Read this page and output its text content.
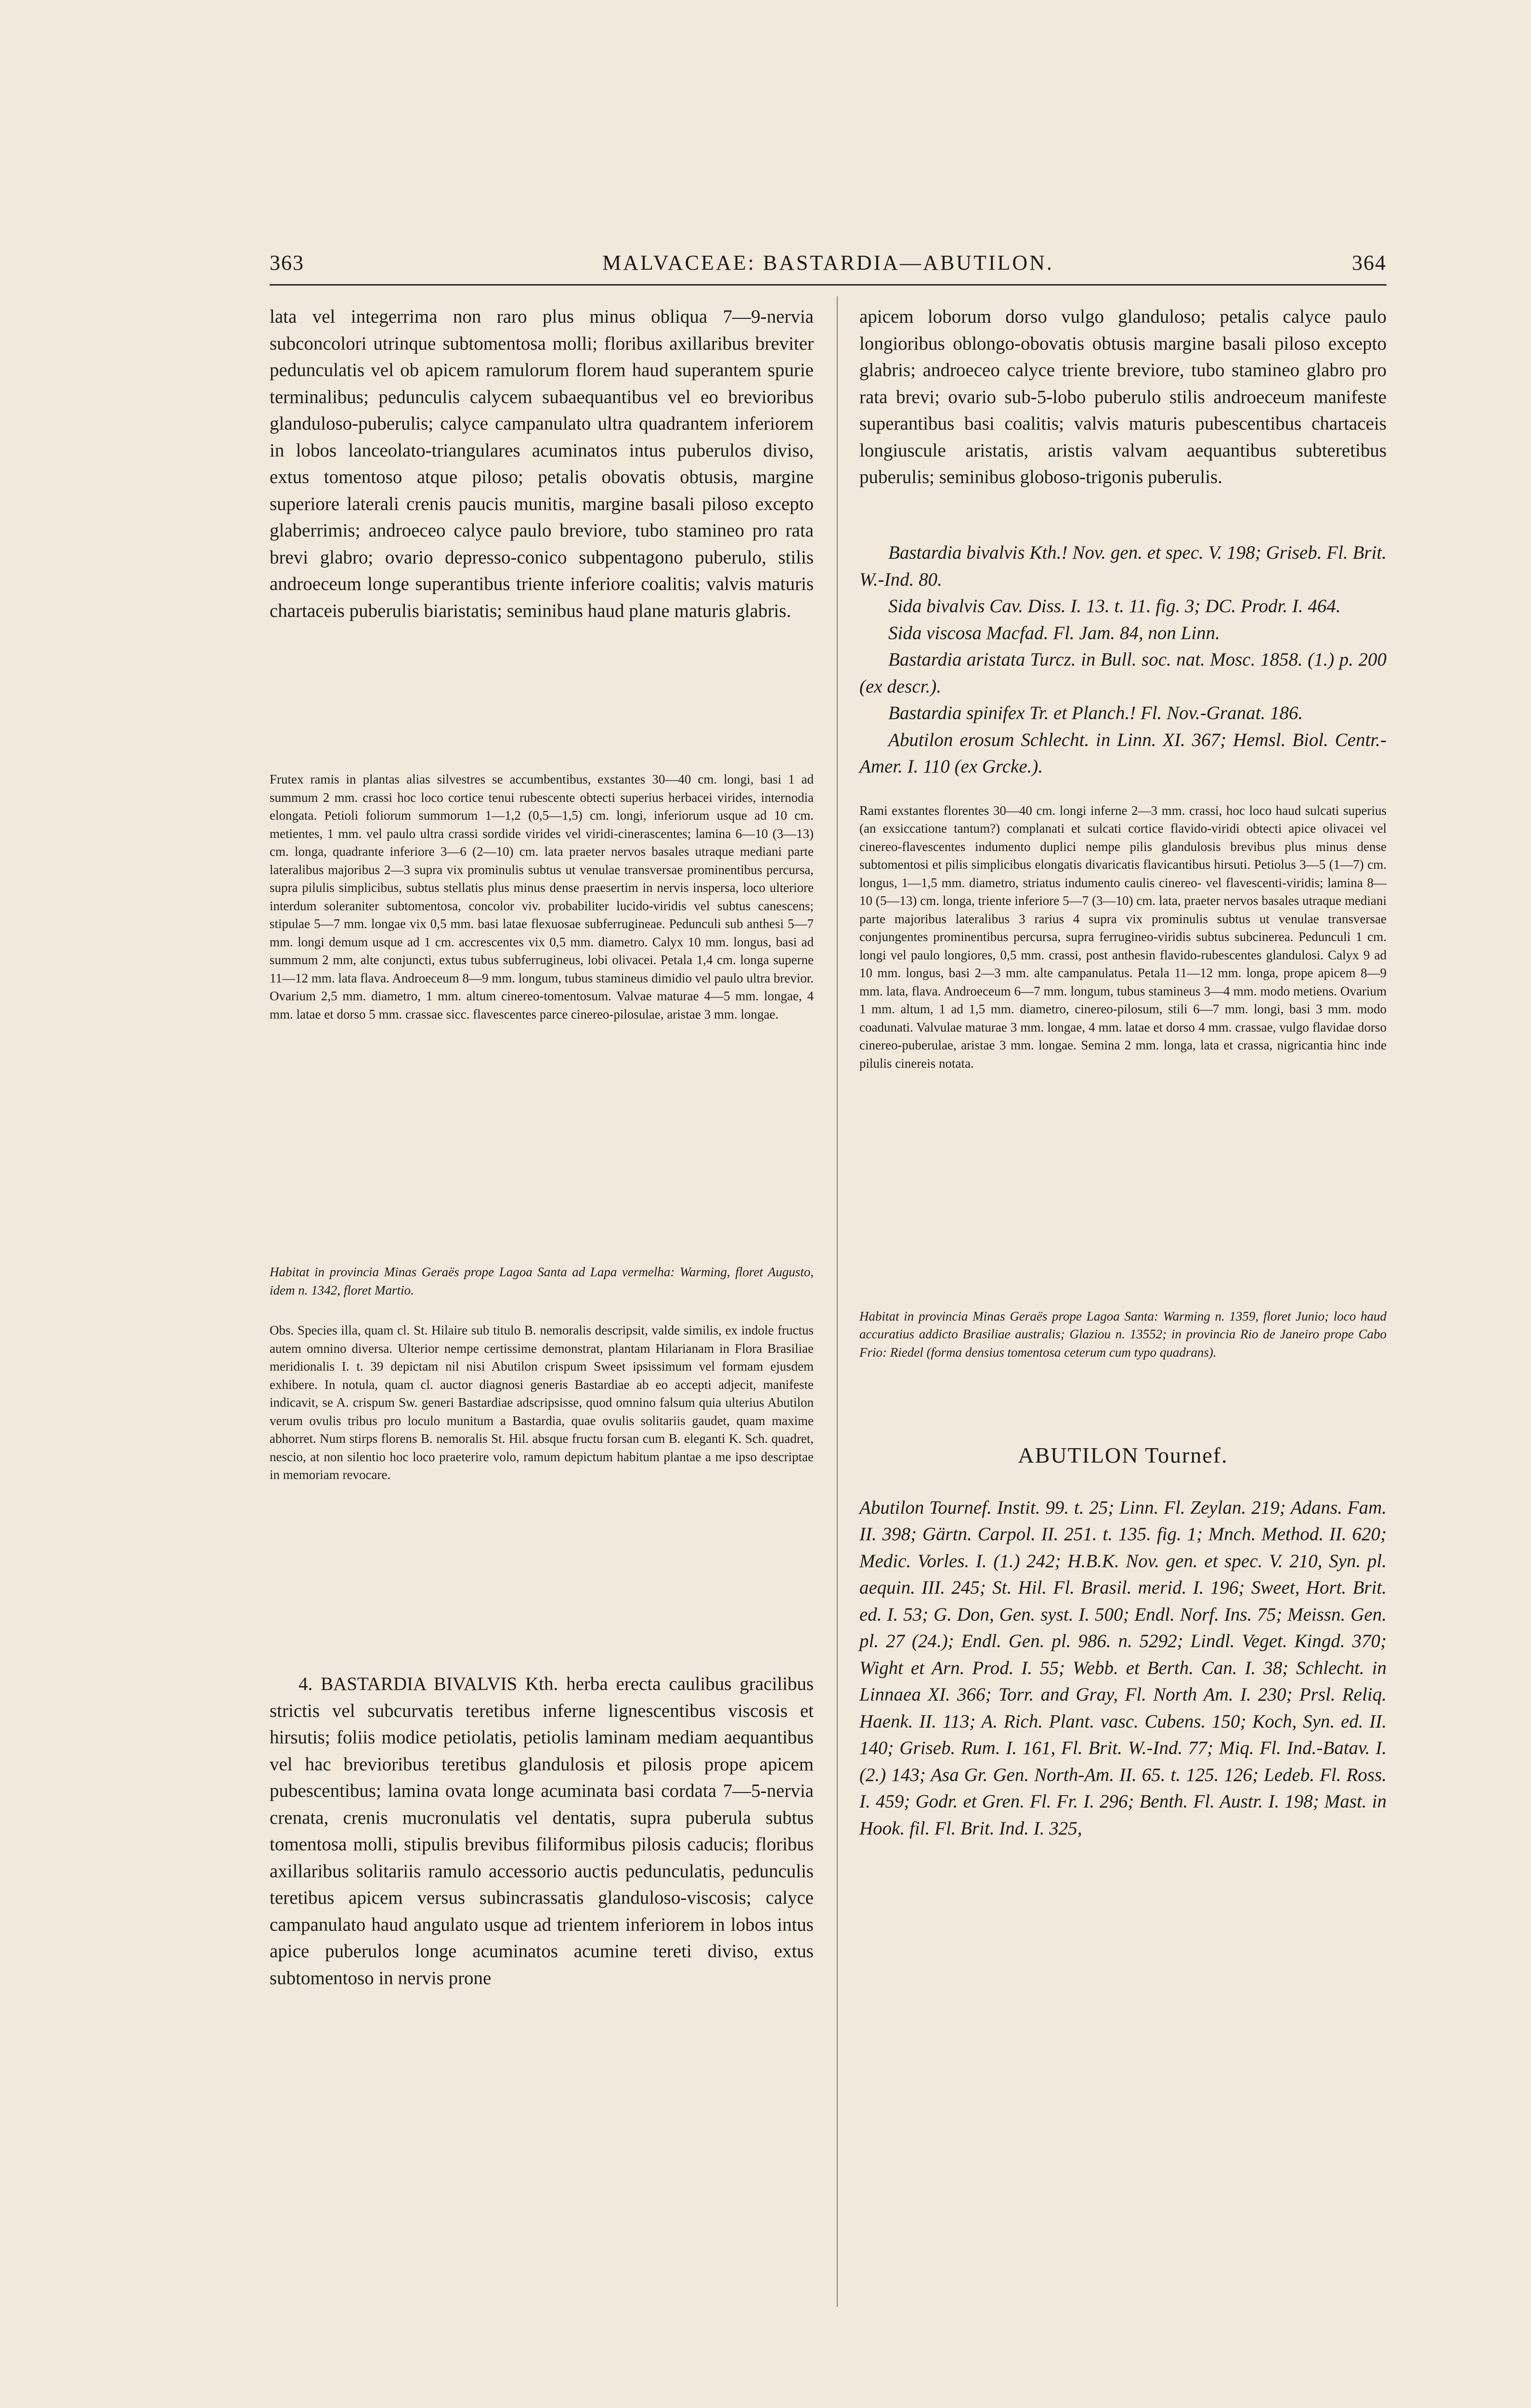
363	MALVACEAE: BASTARDIA—ABUTILON.	364

lata vel integerrima non raro plus minus obliqua 7—9-nervia subconcolori utrinque subtomentosa molli; floribus axillaribus breviter pedunculatis vel ob apicem ramulorum florem haud superantem spurie terminalibus; pedunculis calycem subaequantibus vel eo brevioribus glanduloso-puberulis; calyce campanulato ultra quadrantem inferiorem in lobos lanceolato-triangulares acuminatos intus puberulos diviso, extus tomentoso atque piloso; petalis obovatis obtusis, margine superiore laterali crenis paucis munitis, margine basali piloso excepto glaberrimis; androeceo calyce paulo breviore, tubo stamineo pro rata brevi glabro; ovario depresso-conico subpentagono puberulo, stilis androeceum longe superantibus triente inferiore coalitis; valvis maturis chartaceis puberulis biaristatis; seminibus haud plane maturis glabris.

Frutex ramis in plantas alias silvestres se accumbentibus, exstantes 30—40 cm. longi, basi 1 ad summum 2 mm. crassi hoc loco cortice tenui rubescente obtecti superius herbacei virides, internodia elongata. Petioli foliorum summorum 1—1,2 (0,5—1,5) cm. longi, inferiorum usque ad 10 cm. metientes, 1 mm. vel paulo ultra crassi sordide virides vel viridi-cinerascentes; lamina 6—10 (3—13) cm. longa, quadrante inferiore 3—6 (2—10) cm. lata praeter nervos basales utraque mediani parte lateralibus majoribus 2—3 supra vix prominulis subtus ut venulae transversae prominentibus percursa, supra pilulis simplicibus, subtus stellatis plus minus dense praesertim in nervis inspersa, loco ulteriore interdum soleraniter subtomentosa, concolor viv. probabiliter lucido-viridis vel subtus canescens; stipulae 5—7 mm. longae vix 0,5 mm. basi latae flexuosae subferrugineae. Pedunculi sub anthesi 5—7 mm. longi demum usque ad 1 cm. accrescentes vix 0,5 mm. diametro. Calyx 10 mm. longus, basi ad summum 2 mm, alte conjuncti, extus tubus subferrugineus, lobi olivacei. Petala 1,4 cm. longa superne 11—12 mm. lata flava. Androeceum 8—9 mm. longum, tubus stamineus dimidio vel paulo ultra brevior. Ovarium 2,5 mm. diametro, 1 mm. altum cinereo-tomentosum. Valvae maturae 4—5 mm. longae, 4 mm. latae et dorso 5 mm. crassae sicc. flavescentes parce cinereo-pilosulae, aristae 3 mm. longae.

Habitat in provincia Minas Geraës prope Lagoa Santa ad Lapa vermelha: Warming, floret Augusto, idem n. 1342, floret Martio.

Obs. Species illa, quam cl. St. Hilaire sub titulo B. nemoralis descripsit, valde similis, ex indole fructus autem omnino diversa. Ulterior nempe certissime demonstrat, plantam Hilarianam in Flora Brasiliae meridionalis I. t. 39 depictam nil nisi Abutilon crispum Sweet ipsissimum vel formam ejusdem exhibere. In notula, quam cl. auctor diagnosi generis Bastardiae ab eo accepti adjecit, manifeste indicavit, se A. crispum Sw. generi Bastardiae adscripsisse, quod omnino falsum quia ulterius Abutilon verum ovulis tribus pro loculo munitum a Bastardia, quae ovulis solitariis gaudet, quam maxime abhorret. Num stirps florens B. nemoralis St. Hil. absque fructu forsan cum B. eleganti K. Sch. quadret, nescio, at non silentio hoc loco praeterire volo, ramum depictum habitum plantae a me ipso descriptae in memoriam revocare.

4. BASTARDIA BIVALVIS Kth. herba erecta caulibus gracilibus strictis vel subcurvatis teretibus inferne lignescentibus viscosis et hirsutis; foliis modice petiolatis, petiolis laminam mediam aequantibus vel hac brevioribus teretibus glandulosis et pilosis prope apicem pubescentibus; lamina ovata longe acuminata basi cordata 7—5-nervia crenata, crenis mucronulatis vel dentatis, supra puberula subtus tomentosa molli, stipulis brevibus filiformibus pilosis caducis; floribus axillaribus solitariis ramulo accessorio auctis pedunculatis, pedunculis teretibus apicem versus subincrassatis glanduloso-viscosis; calyce campanulato haud angulato usque ad trientem inferiorem in lobos intus apice puberulos longe acuminatos acumine tereti diviso, extus subtomentoso in nervis prone

apicem loborum dorso vulgo glanduloso; petalis calyce paulo longioribus oblongo-obovatis obtusis margine basali piloso excepto glabris; androeceo calyce triente breviore, tubo stamineo glabro pro rata brevi; ovario sub-5-lobo puberulo stilis androeceum manifeste superantibus basi coalitis; valvis maturis pubescentibus chartaceis longiuscule aristatis, aristis valvam aequantibus subteretibus puberulis; seminibus globoso-trigonis puberulis.

Bastardia bivalvis Kth.! Nov. gen. et spec. V. 198; Griseb. Fl. Brit. W.-Ind. 80.

Sida bivalvis Cav. Diss. I. 13. t. 11. fig. 3; DC. Prodr. I. 464.

Sida viscosa Macfad. Fl. Jam. 84, non Linn.

Bastardia aristata Turcz. in Bull. soc. nat. Mosc. 1858. (1.) p. 200 (ex descr.).

Bastardia spinifex Tr. et Planch.! Fl. Nov.-Granat. 186.

Abutilon erosum Schlecht. in Linn. XI. 367; Hemsl. Biol. Centr.-Amer. I. 110 (ex Grcke.).

Rami exstantes florentes 30—40 cm. longi inferne 2—3 mm. crassi, hoc loco haud sulcati superius (an exsiccatione tantum?) complanati et sulcati cortice flavido-viridi obtecti apice olivacei vel cinereo-flavescentes indumento duplici nempe pilis glandulosis brevibus plus minus dense subtomentosi et pilis simplicibus elongatis divaricatis flavicantibus hirsuti. Petiolus 3—5 (1—7) cm. longus, 1—1,5 mm. diametro, striatus indumento caulis cinereo- vel flavescenti-viridis; lamina 8—10 (5—13) cm. longa, triente inferiore 5—7 (3—10) cm. lata, praeter nervos basales utraque mediani parte majoribus lateralibus 3 rarius 4 supra vix prominulis subtus ut venulae transversae conjungentes prominentibus percursa, supra ferrugineo-viridis subtus subcinerea. Pedunculi 1 cm. longi vel paulo longiores, 0,5 mm. crassi, post anthesin flavido-rubescentes glandulosi. Calyx 9 ad 10 mm. longus, basi 2—3 mm. alte campanulatus. Petala 11—12 mm. longa, prope apicem 8—9 mm. lata, flava. Androeceum 6—7 mm. longum, tubus stamineus 3—4 mm. modo metiens. Ovarium 1 mm. altum, 1 ad 1,5 mm. diametro, cinereo-pilosum, stili 6—7 mm. longi, basi 3 mm. modo coadunati. Valvulae maturae 3 mm. longae, 4 mm. latae et dorso 4 mm. crassae, vulgo flavidae dorso cinereo-puberulae, aristae 3 mm. longae. Semina 2 mm. longa, lata et crassa, nigricantia hinc inde pilulis cinereis notata.

Habitat in provincia Minas Geraës prope Lagoa Santa: Warming n. 1359, floret Junio; loco haud accuratius addicto Brasiliae australis; Glaziou n. 13552; in provincia Rio de Janeiro prope Cabo Frio: Riedel (forma densius tomentosa ceterum cum typo quadrans).

ABUTILON Tournef.

Abutilon Tournef. Instit. 99. t. 25; Linn. Fl. Zeylan. 219; Adans. Fam. II. 398; Gärtn. Carpol. II. 251. t. 135. fig. 1; Mnch. Method. II. 620; Medic. Vorles. I. (1.) 242; H.B.K. Nov. gen. et spec. V. 210, Syn. pl. aequin. III. 245; St. Hil. Fl. Brasil. merid. I. 196; Sweet, Hort. Brit. ed. I. 53; G. Don, Gen. syst. I. 500; Endl. Norf. Ins. 75; Meissn. Gen. pl. 27 (24.); Endl. Gen. pl. 986. n. 5292; Lindl. Veget. Kingd. 370; Wight et Arn. Prod. I. 55; Webb. et Berth. Can. I. 38; Schlecht. in Linnaea XI. 366; Torr. and Gray, Fl. North Am. I. 230; Prsl. Reliq. Haenk. II. 113; A. Rich. Plant. vasc. Cubens. 150; Koch, Syn. ed. II. 140; Griseb. Rum. I. 161, Fl. Brit. W.-Ind. 77; Miq. Fl. Ind.-Batav. I. (2.) 143; Asa Gr. Gen. North-Am. II. 65. t. 125. 126; Ledeb. Fl. Ross. I. 459; Godr. et Gren. Fl. Fr. I. 296; Benth. Fl. Austr. I. 198; Mast. in Hook. fil. Fl. Brit. Ind. I. 325,
